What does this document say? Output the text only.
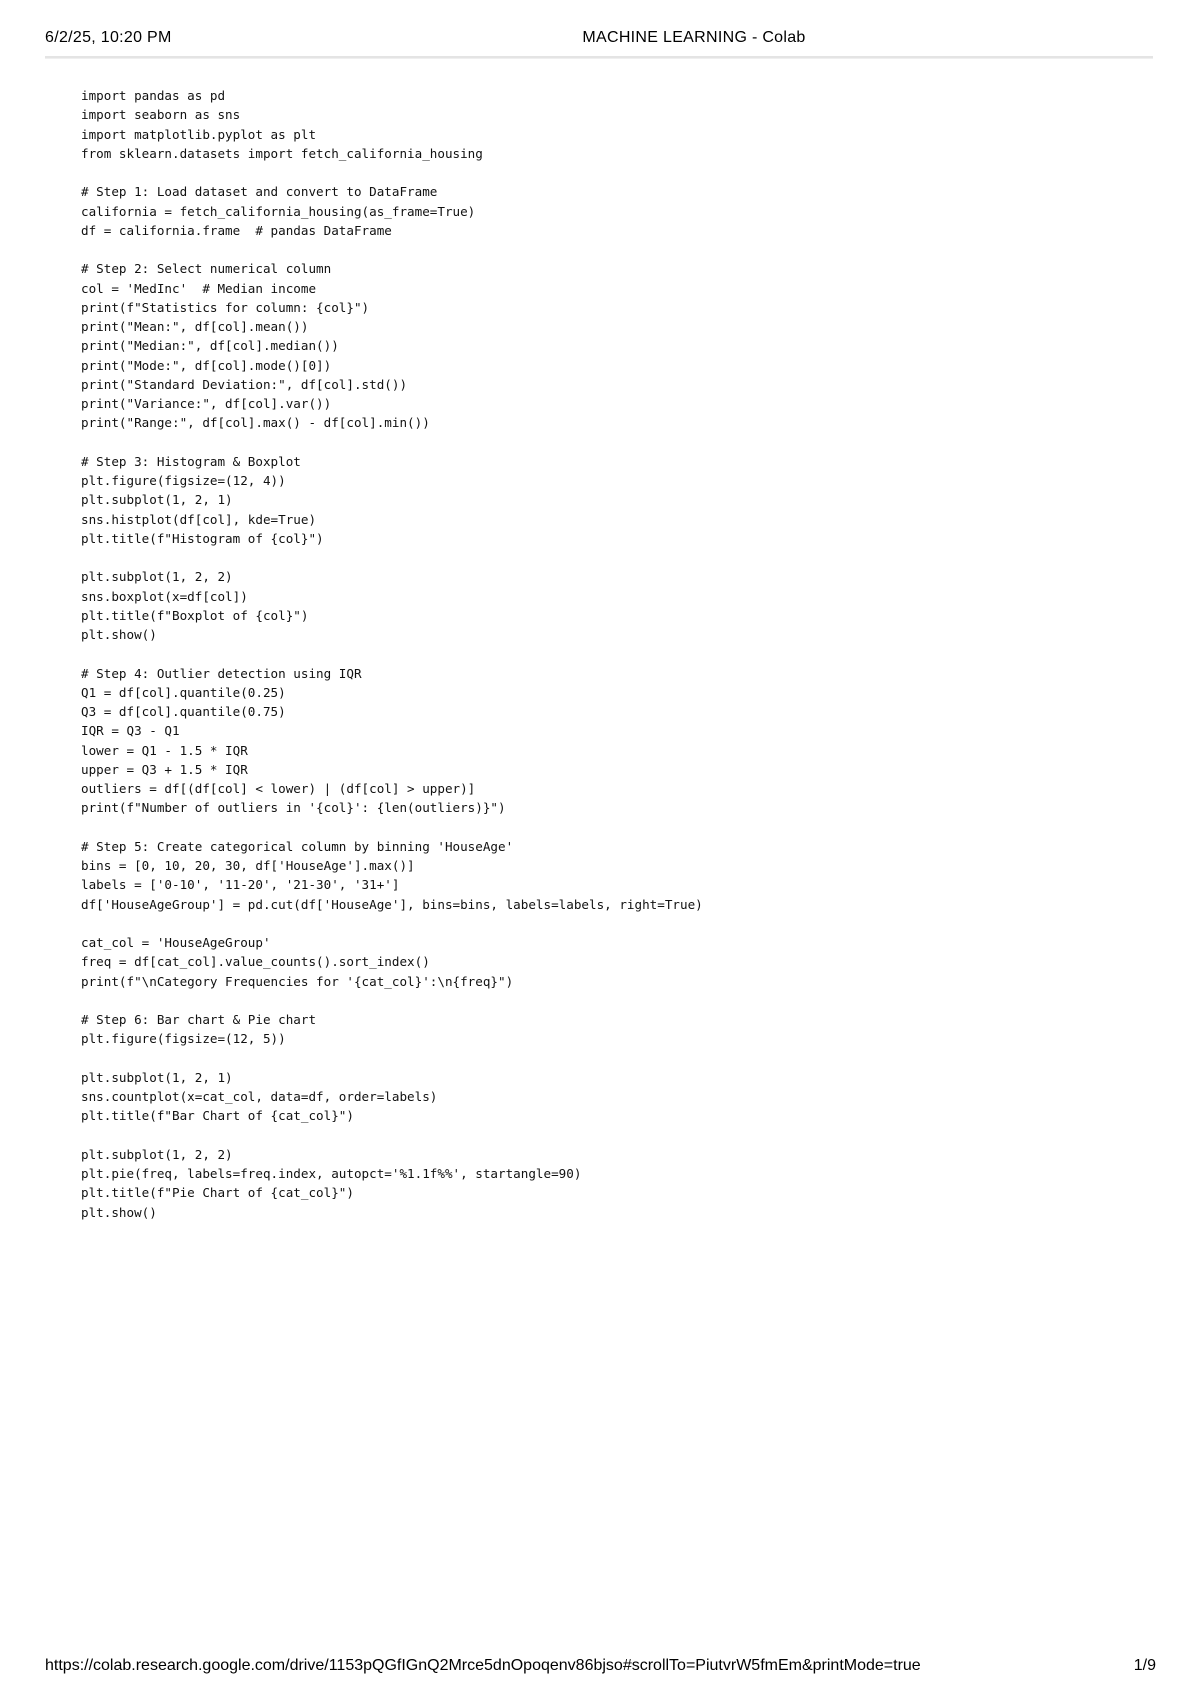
6/2/25, 10:20 PM	MACHINE LEARNING - Colab
import pandas as pd
import seaborn as sns
import matplotlib.pyplot as plt
from sklearn.datasets import fetch_california_housing
# Step 1: Load dataset and convert to DataFrame
california = fetch_california_housing(as_frame=True)
df = california.frame  # pandas DataFrame
# Step 2: Select numerical column
col = 'MedInc'  # Median income
print(f"Statistics for column: {col}")
print("Mean:", df[col].mean())
print("Median:", df[col].median())
print("Mode:", df[col].mode()[0])
print("Standard Deviation:", df[col].std())
print("Variance:", df[col].var())
print("Range:", df[col].max() - df[col].min())
# Step 3: Histogram & Boxplot
plt.figure(figsize=(12, 4))
plt.subplot(1, 2, 1)
sns.histplot(df[col], kde=True)
plt.title(f"Histogram of {col}")
plt.subplot(1, 2, 2)
sns.boxplot(x=df[col])
plt.title(f"Boxplot of {col}")
plt.show()
# Step 4: Outlier detection using IQR
Q1 = df[col].quantile(0.25)
Q3 = df[col].quantile(0.75)
IQR = Q3 - Q1
lower = Q1 - 1.5 * IQR
upper = Q3 + 1.5 * IQR
outliers = df[(df[col] < lower) | (df[col] > upper)]
print(f"Number of outliers in '{col}': {len(outliers)}")
# Step 5: Create categorical column by binning 'HouseAge'
bins = [0, 10, 20, 30, df['HouseAge'].max()]
labels = ['0-10', '11-20', '21-30', '31+']
df['HouseAgeGroup'] = pd.cut(df['HouseAge'], bins=bins, labels=labels, right=True)
cat_col = 'HouseAgeGroup'
freq = df[cat_col].value_counts().sort_index()
print(f"\nCategory Frequencies for '{cat_col}':\n{freq}")
# Step 6: Bar chart & Pie chart
plt.figure(figsize=(12, 5))
plt.subplot(1, 2, 1)
sns.countplot(x=cat_col, data=df, order=labels)
plt.title(f"Bar Chart of {cat_col}")
plt.subplot(1, 2, 2)
plt.pie(freq, labels=freq.index, autopct='%1.1f%%', startangle=90)
plt.title(f"Pie Chart of {cat_col}")
plt.show()
https://colab.research.google.com/drive/1153pQGfIGnQ2Mrce5dnOpoqenv86bjso#scrollTo=PiutvrW5fmEm&printMode=true	1/9
